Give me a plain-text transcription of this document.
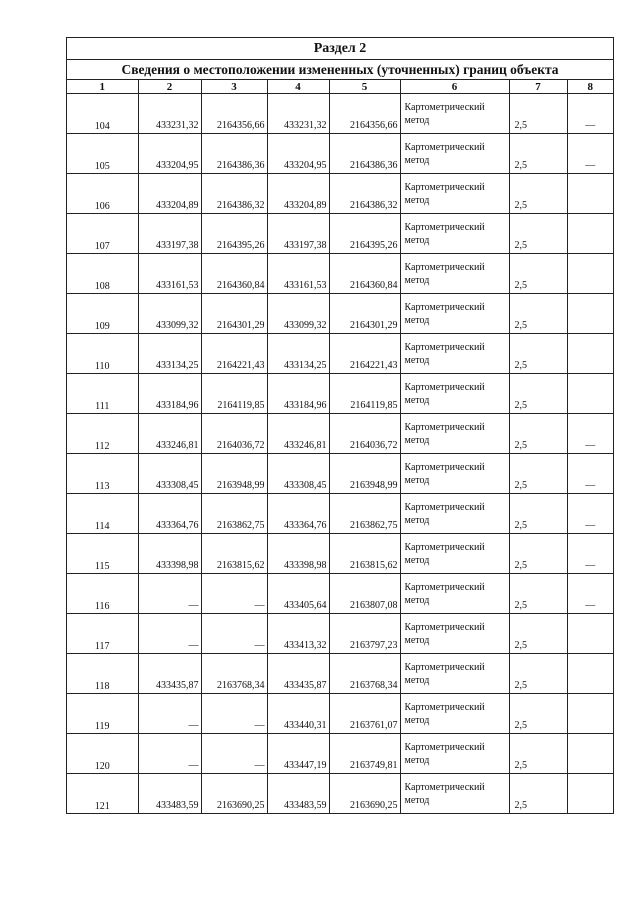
Раздел 2
Сведения о местоположении измененных (уточненных) границ объекта
1	2	3	4	5	6	7	8
104	433231,32	2164356,66	433231,32	2164356,66	Картометрический
метод	2,5	—
105	433204,95	2164386,36	433204,95	2164386,36	Картометрический
метод	2,5	—
106	433204,89	2164386,32	433204,89	2164386,32	Картометрический
метод	2,5	
107	433197,38	2164395,26	433197,38	2164395,26	Картометрический
метод	2,5	
108	433161,53	2164360,84	433161,53	2164360,84	Картометрический
метод	2,5	
109	433099,32	2164301,29	433099,32	2164301,29	Картометрический
метод	2,5	
110	433134,25	2164221,43	433134,25	2164221,43	Картометрический
метод	2,5	
111	433184,96	2164119,85	433184,96	2164119,85	Картометрический
метод	2,5	
112	433246,81	2164036,72	433246,81	2164036,72	Картометрический
метод	2,5	—
113	433308,45	2163948,99	433308,45	2163948,99	Картометрический
метод	2,5	—
114	433364,76	2163862,75	433364,76	2163862,75	Картометрический
метод	2,5	—
115	433398,98	2163815,62	433398,98	2163815,62	Картометрический
метод	2,5	—
116	—	—	433405,64	2163807,08	Картометрический
метод	2,5	—
117	—	—	433413,32	2163797,23	Картометрический
метод	2,5	
118	433435,87	2163768,34	433435,87	2163768,34	Картометрический
метод	2,5	
119	—	—	433440,31	2163761,07	Картометрический
метод	2,5	
120	—	—	433447,19	2163749,81	Картометрический
метод	2,5	
121	433483,59	2163690,25	433483,59	2163690,25	Картометрический
метод	2,5	
